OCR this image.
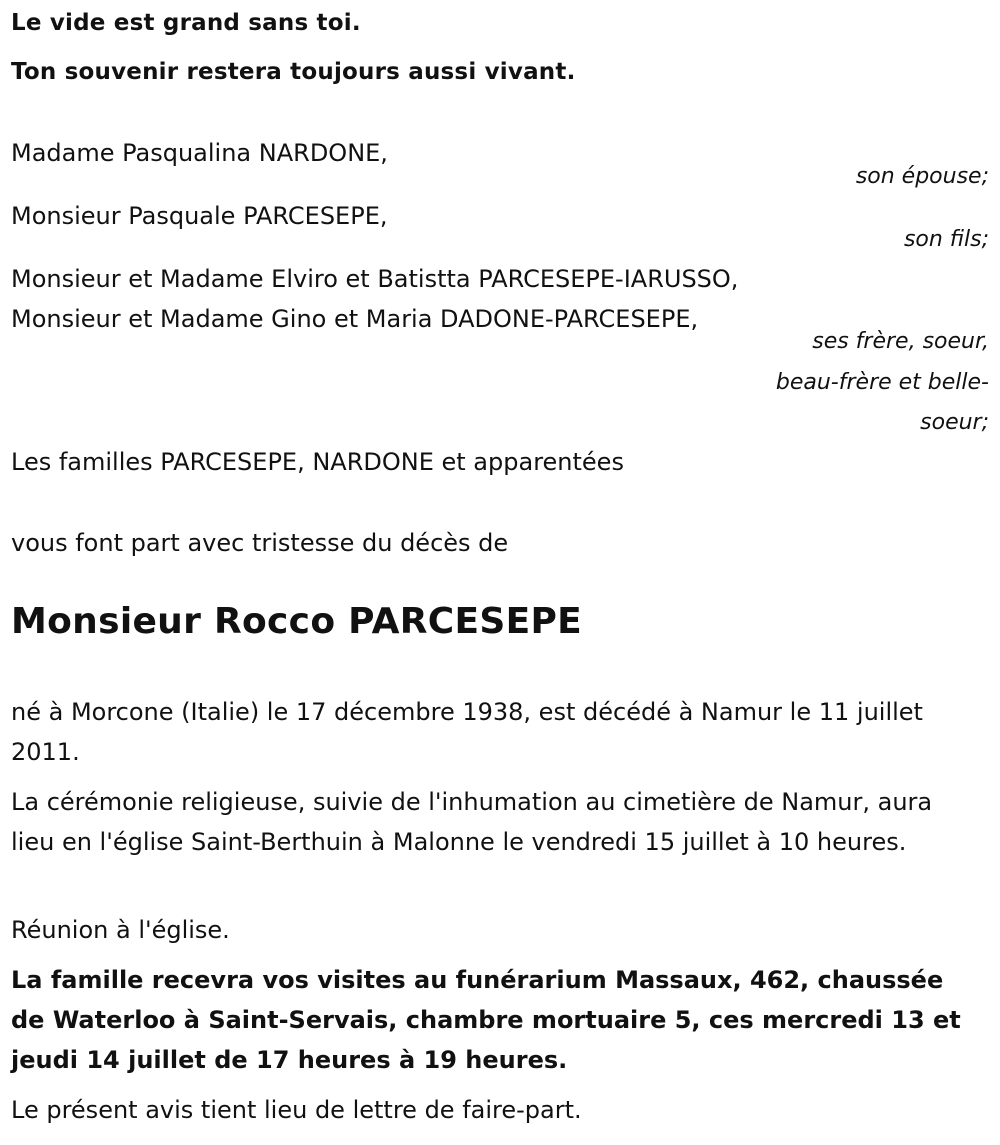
Le vide est grand sans toi.
Ton souvenir restera toujours aussi vivant.
Madame Pasqualina NARDONE,
son épouse;
Monsieur Pasquale PARCESEPE,
son fils;
Monsieur et Madame Elviro et Batistta PARCESEPE-IARUSSO,
Monsieur et Madame Gino et Maria DADONE-PARCESEPE,
ses frère, soeur,
beau-frère et belle-
soeur;
Les familles PARCESEPE, NARDONE et apparentées
vous font part avec tristesse du décès de
Monsieur Rocco PARCESEPE
né à Morcone (Italie) le 17 décembre 1938, est décédé à Namur le 11 juillet 2011.
La cérémonie religieuse, suivie de l'inhumation au cimetière de Namur, aura lieu en l'église Saint-Berthuin à Malonne le vendredi 15 juillet à 10 heures.
Réunion à l'église.
La famille recevra vos visites au funérarium Massaux, 462, chaussée de Waterloo à Saint-Servais, chambre mortuaire 5, ces mercredi 13 et jeudi 14 juillet de 17 heures à 19 heures.
Le présent avis tient lieu de lettre de faire-part.
